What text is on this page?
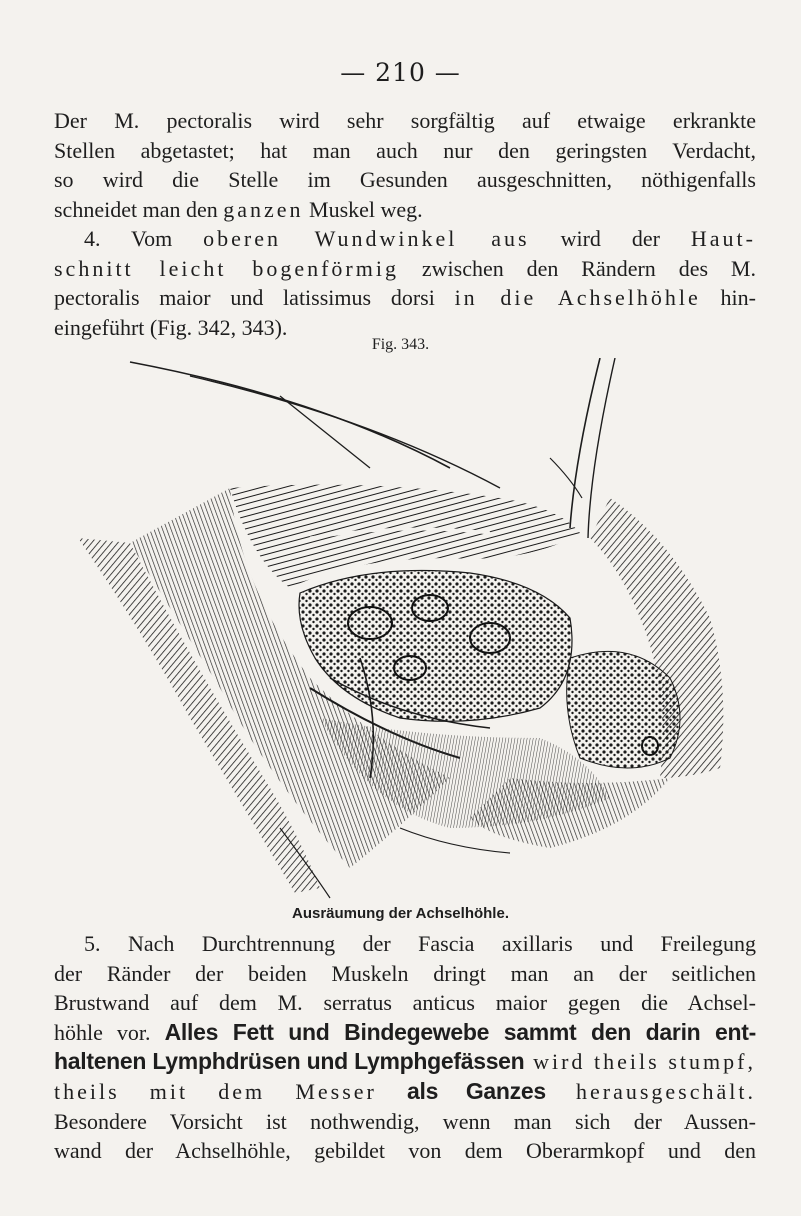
— 210 —
Der M. pectoralis wird sehr sorgfältig auf etwaige erkrankte
Stellen abgetastet; hat man auch nur den geringsten Verdacht,
so wird die Stelle im Gesunden ausgeschnitten, nöthigenfalls
schneidet man den ganzen Muskel weg.
4. Vom oberen Wundwinkel aus wird der Haut-
schnitt leicht bogenförmig zwischen den Rändern des M.
pectoralis maior und latissimus dorsi in die Achselhöhle hin-
eingeführt (Fig. 342, 343).
Fig. 343.
Ausräumung der Achselhöhle.
5. Nach Durchtrennung der Fascia axillaris und Freilegung
der Ränder der beiden Muskeln dringt man an der seitlichen
Brustwand auf dem M. serratus anticus maior gegen die Achsel-
höhle vor. Alles Fett und Bindegewebe sammt den darin ent-
haltenen Lymphdrüsen und Lymphgefässen wird theils stumpf,
theils mit dem Messer als Ganzes herausgeschält.
Besondere Vorsicht ist nothwendig, wenn man sich der Aussen-
wand der Achselhöhle, gebildet von dem Oberarmkopf und den
